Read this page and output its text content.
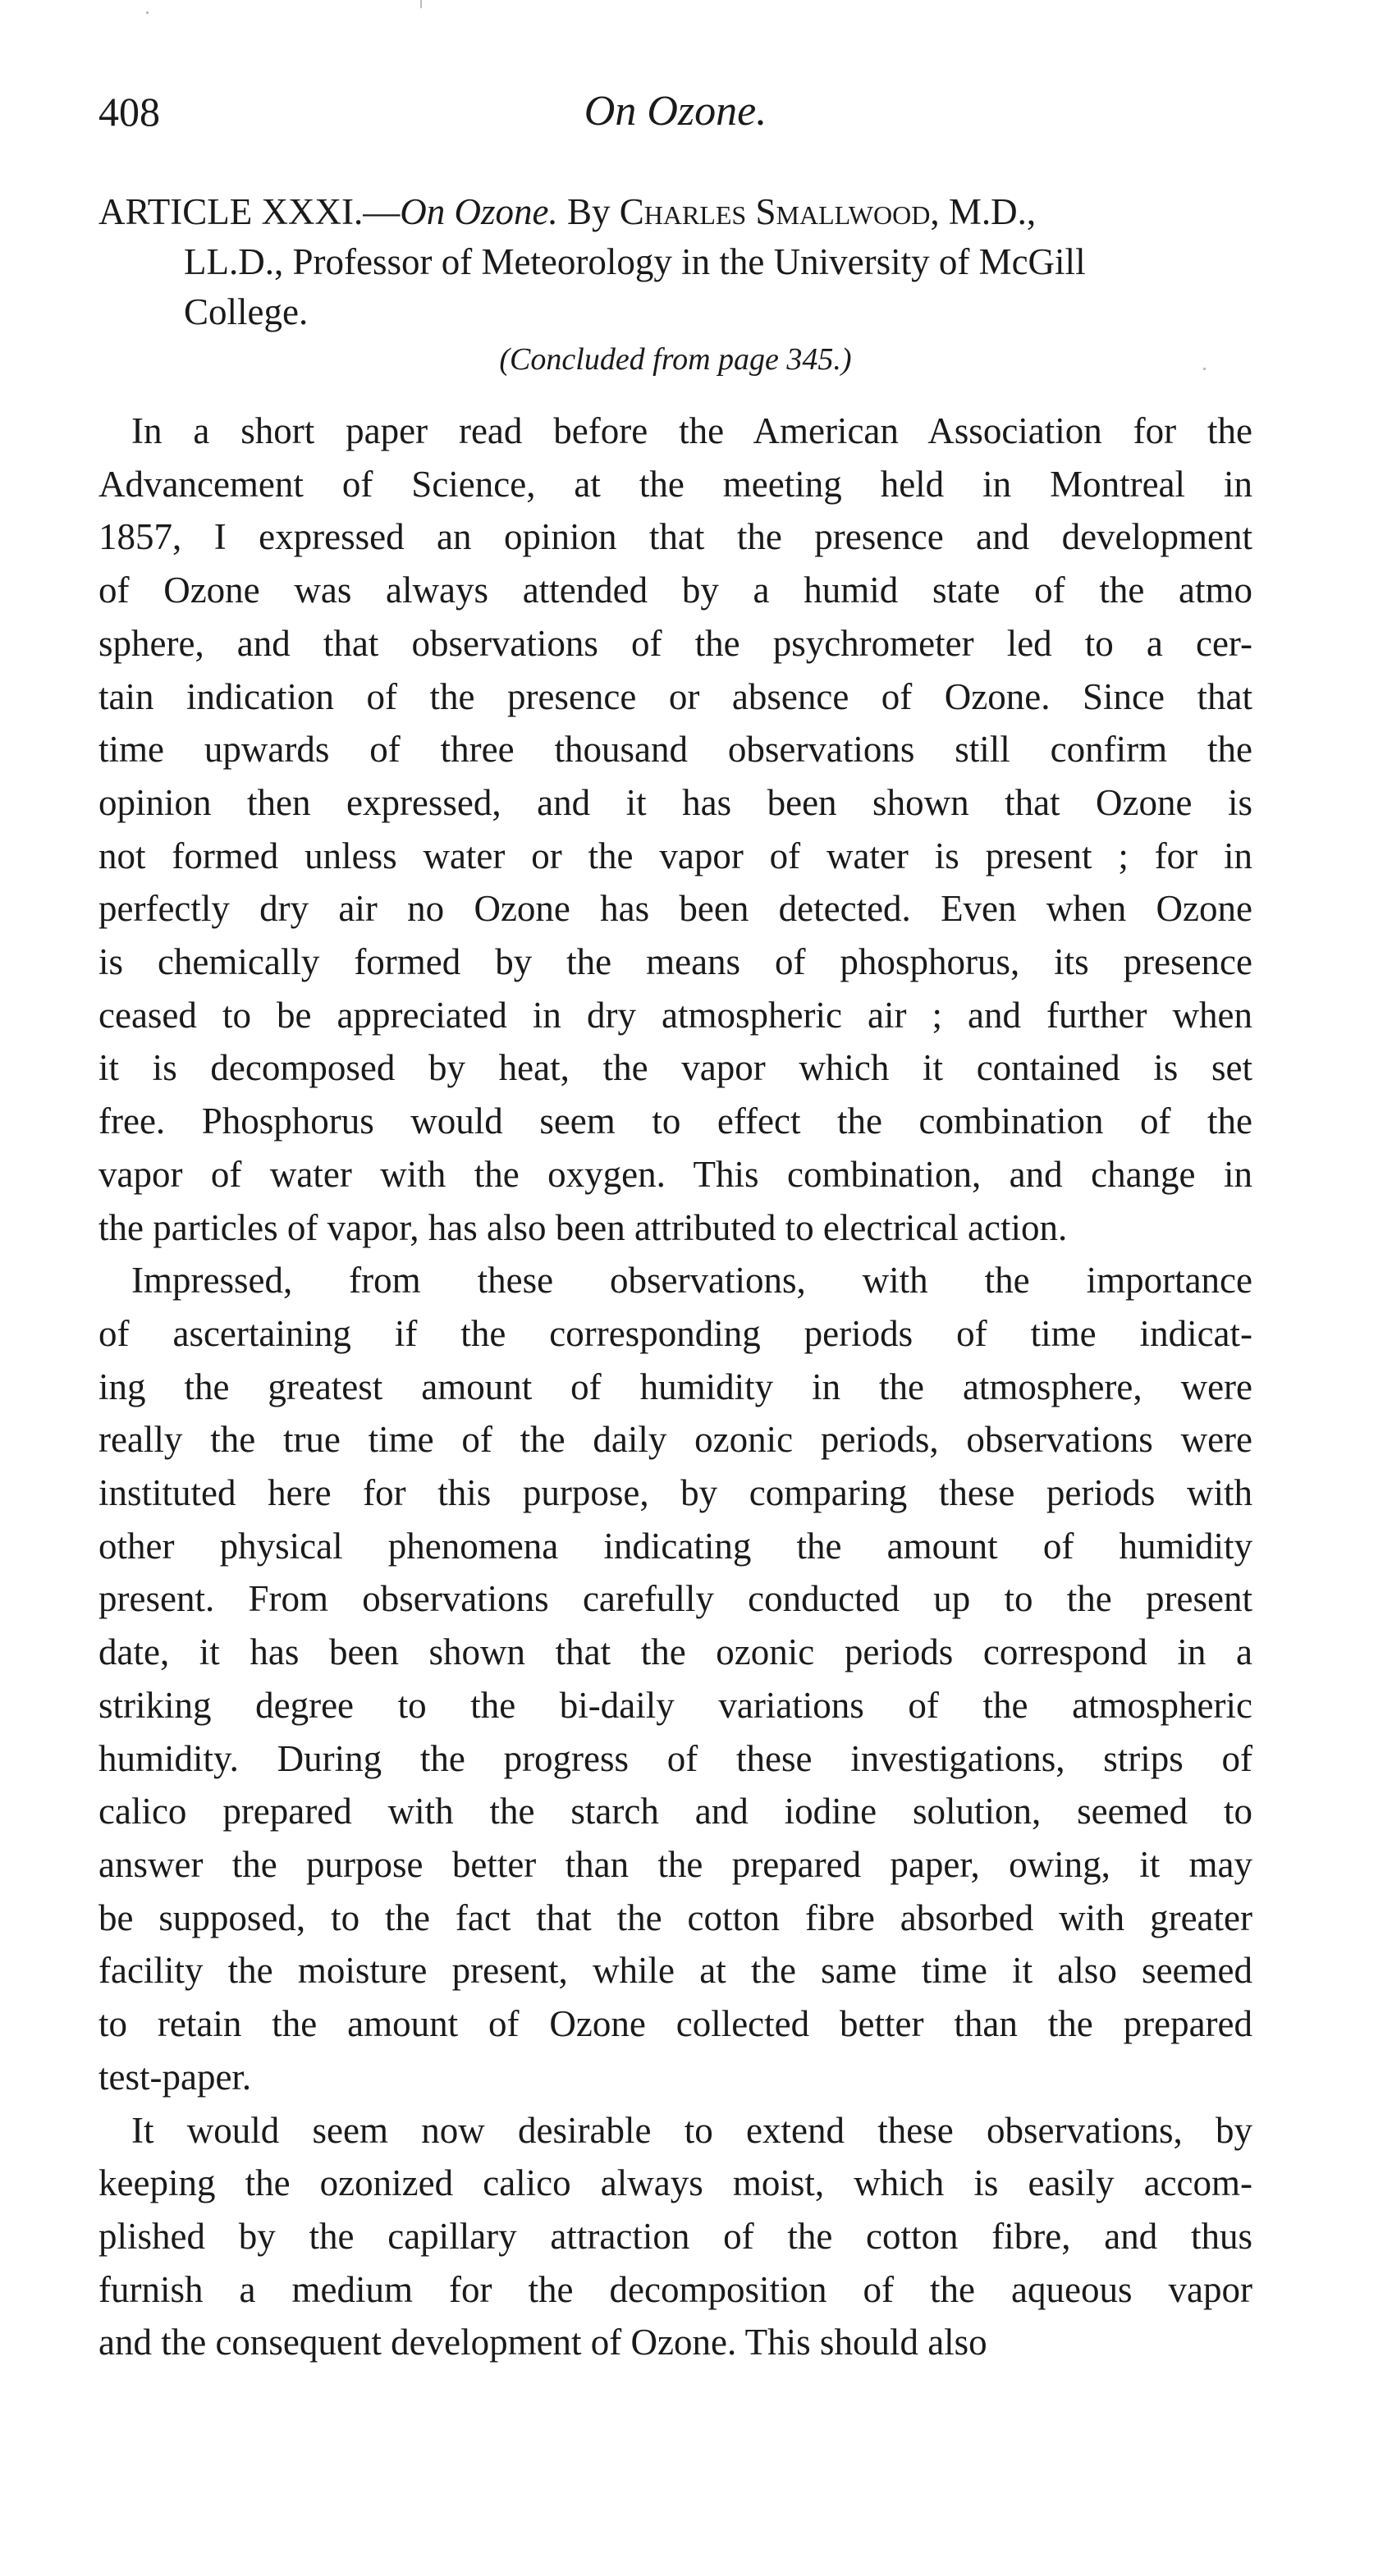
408	On Ozone.
ARTICLE XXXI.—On Ozone. By Charles Smallwood, M.D.,
LL.D., Professor of Meteorology in the University of McGill
College.
(Concluded from page 345.)

In a short paper read before the American Association for the
Advancement of Science, at the meeting held in Montreal in
1857, I expressed an opinion that the presence and development
of Ozone was always attended by a humid state of the atmo
sphere, and that observations of the psychrometer led to a cer-
tain indication of the presence or absence of Ozone. Since that
time upwards of three thousand observations still confirm the
opinion then expressed, and it has been shown that Ozone is
not formed unless water or the vapor of water is present ; for in
perfectly dry air no Ozone has been detected. Even when Ozone
is chemically formed by the means of phosphorus, its presence
ceased to be appreciated in dry atmospheric air ; and further when
it is decomposed by heat, the vapor which it contained is set
free. Phosphorus would seem to effect the combination of the
vapor of water with the oxygen. This combination, and change in
the particles of vapor, has also been attributed to electrical action.

Impressed, from these observations, with the importance
of ascertaining if the corresponding periods of time indicat-
ing the greatest amount of humidity in the atmosphere, were
really the true time of the daily ozonic periods, observations were
instituted here for this purpose, by comparing these periods with
other physical phenomena indicating the amount of humidity
present. From observations carefully conducted up to the present
date, it has been shown that the ozonic periods correspond in a
striking degree to the bi-daily variations of the atmospheric
humidity. During the progress of these investigations, strips of
calico prepared with the starch and iodine solution, seemed to
answer the purpose better than the prepared paper, owing, it may
be supposed, to the fact that the cotton fibre absorbed with greater
facility the moisture present, while at the same time it also seemed
to retain the amount of Ozone collected better than the prepared
test-paper.

It would seem now desirable to extend these observations, by
keeping the ozonized calico always moist, which is easily accom-
plished by the capillary attraction of the cotton fibre, and thus
furnish a medium for the decomposition of the aqueous vapor
and the consequent development of Ozone. This should also
